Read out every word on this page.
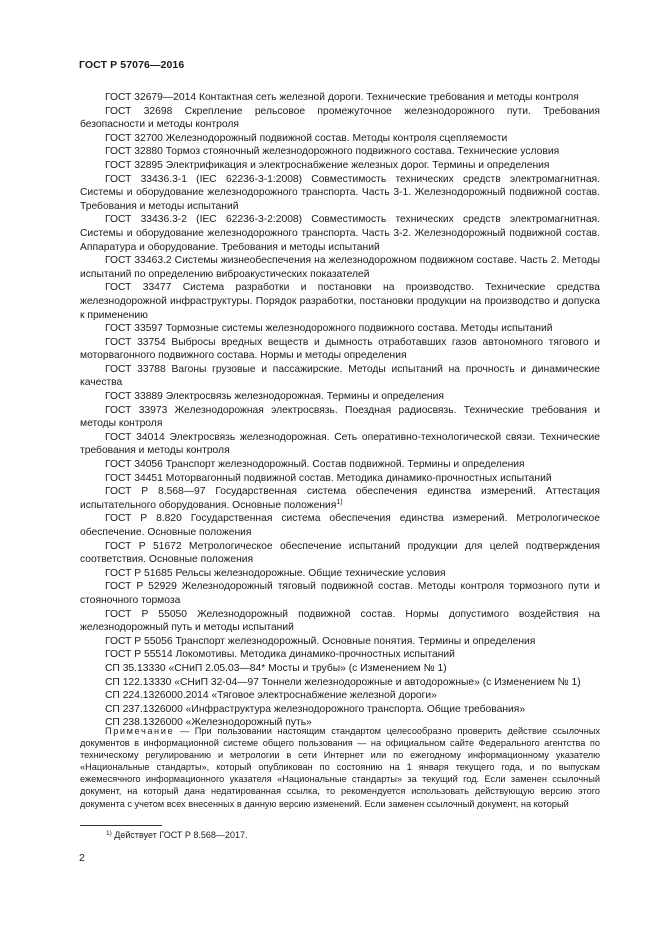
ГОСТ Р 57076—2016

ГОСТ 32679—2014 Контактная сеть железной дороги. Технические требования и методы контроля

ГОСТ 32698 Скрепление рельсовое промежуточное железнодорожного пути. Требования безопасности и методы контроля

ГОСТ 32700 Железнодорожный подвижной состав. Методы контроля сцепляемости

ГОСТ 32880 Тормоз стояночный железнодорожного подвижного состава. Технические условия

ГОСТ 32895 Электрификация и электроснабжение железных дорог. Термины и определения

ГОСТ 33436.3-1 (IEC 62236-3-1:2008) Совместимость технических средств электромагнитная. Системы и оборудование железнодорожного транспорта. Часть 3-1. Железнодорожный подвижной состав. Требования и методы испытаний

ГОСТ 33436.3-2 (IEC 62236-3-2:2008) Совместимость технических средств электромагнитная. Системы и оборудование железнодорожного транспорта. Часть 3-2. Железнодорожный подвижной состав. Аппаратура и оборудование. Требования и методы испытаний

ГОСТ 33463.2 Системы жизнеобеспечения на железнодорожном подвижном составе. Часть 2. Методы испытаний по определению виброакустических показателей

ГОСТ 33477 Система разработки и постановки на производство. Технические средства железнодорожной инфраструктуры. Порядок разработки, постановки продукции на производство и допуска к применению

ГОСТ 33597 Тормозные системы железнодорожного подвижного состава. Методы испытаний

ГОСТ 33754 Выбросы вредных веществ и дымность отработавших газов автономного тягового и моторвагонного подвижного состава. Нормы и методы определения

ГОСТ 33788 Вагоны грузовые и пассажирские. Методы испытаний на прочность и динамические качества

ГОСТ 33889 Электросвязь железнодорожная. Термины и определения

ГОСТ 33973 Железнодорожная электросвязь. Поездная радиосвязь. Технические требования и методы контроля

ГОСТ 34014 Электросвязь железнодорожная. Сеть оперативно-технологической связи. Технические требования и методы контроля

ГОСТ 34056 Транспорт железнодорожный. Состав подвижной. Термины и определения

ГОСТ 34451 Моторвагонный подвижной состав. Методика динамико-прочностных испытаний

ГОСТ Р 8.568—97 Государственная система обеспечения единства измерений. Аттестация испытательного оборудования. Основные положения$^{1)}$

ГОСТ Р 8.820 Государственная система обеспечения единства измерений. Метрологическое обеспечение. Основные положения

ГОСТ Р 51672 Метрологическое обеспечение испытаний продукции для целей подтверждения соответствия. Основные положения

ГОСТ Р 51685 Рельсы железнодорожные. Общие технические условия

ГОСТ Р 52929 Железнодорожный тяговый подвижной состав. Методы контроля тормозного пути и стояночного тормоза

ГОСТ Р 55050 Железнодорожный подвижной состав. Нормы допустимого воздействия на железнодорожный путь и методы испытаний

ГОСТ Р 55056 Транспорт железнодорожный. Основные понятия. Термины и определения

ГОСТ Р 55514 Локомотивы. Методика динамико-прочностных испытаний

СП 35.13330 «СНиП 2.05.03—84* Мосты и трубы» (с Изменением № 1)

СП 122.13330 «СНиП 32-04—97 Тоннели железнодорожные и автодорожные» (с Изменением № 1)

СП 224.1326000.2014 «Тяговое электроснабжение железной дороги»

СП 237.1326000 «Инфраструктура железнодорожного транспорта. Общие требования»

СП 238.1326000 «Железнодорожный путь»

Примечание — При пользовании настоящим стандартом целесообразно проверить действие ссылочных документов в информационной системе общего пользования — на официальном сайте Федерального агентства по техническому регулированию и метрологии в сети Интернет или по ежегодному информационному указателю «Национальные стандарты», который опубликован по состоянию на 1 января текущего года, и по выпускам ежемесячного информационного указателя «Национальные стандарты» за текущий год. Если заменен ссылочный документ, на который дана недатированная ссылка, то рекомендуется использовать действующую версию этого документа с учетом всех внесенных в данную версию изменений. Если заменен ссылочный документ, на который
$^{1)}$ Действует ГОСТ Р 8.568—2017.
2
